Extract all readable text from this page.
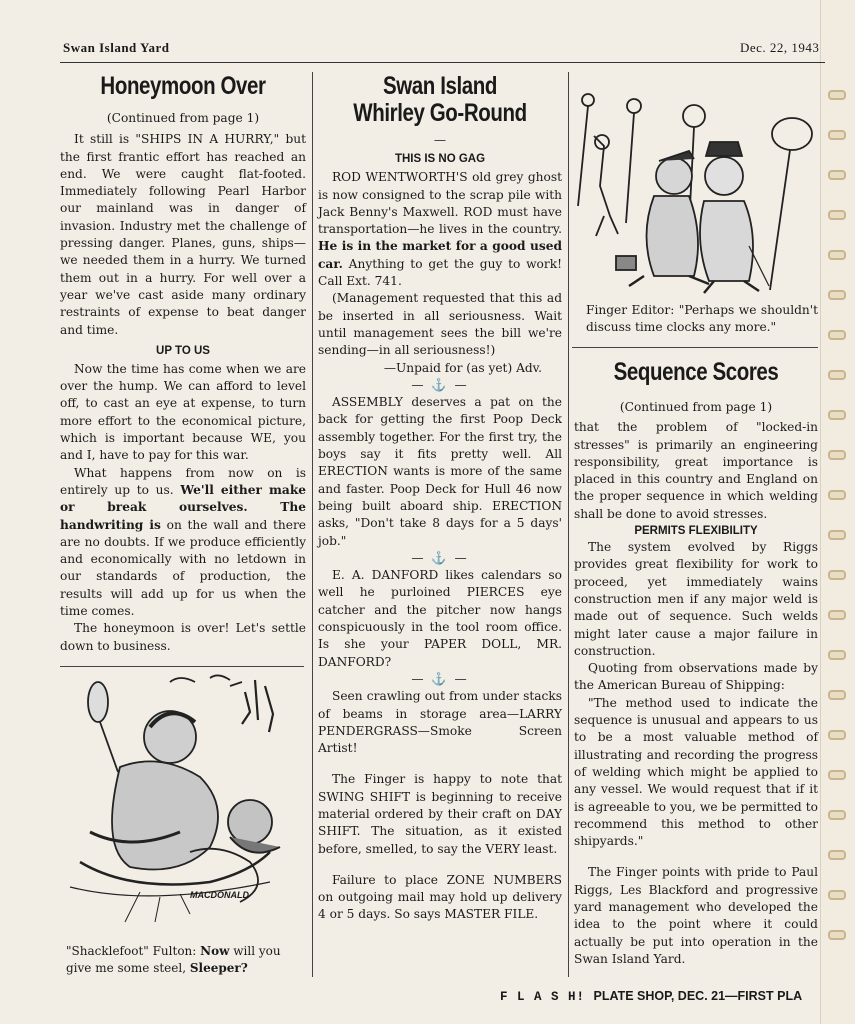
Swan Island Yard	Dec. 22, 1943
Honeymoon Over

(Continued from page 1)

It still is "SHIPS IN A HURRY," but the first frantic effort has reached an end. We were caught flat-footed. Immediately following Pearl Harbor our mainland was in danger of invasion. Industry met the challenge of pressing danger. Planes, guns, ships—we needed them in a hurry. We turned them out in a hurry. For well over a year we've cast aside many ordinary restraints of expense to beat danger and time.

UP TO US

Now the time has come when we are over the hump. We can afford to level off, to cast an eye at expense, to turn more effort to the economical picture, which is important because WE, you and I, have to pay for this war.

What happens from now on is entirely up to us. We'll either make or break ourselves. The handwriting is on the wall and there are no doubts. If we produce efficiently and economically with no letdown in our standards of production, the results will add up for us when the time comes.

The honeymoon is over! Let's settle down to business.

MACDONALD
"Shacklefoot" Fulton: Now will you give me some steel, Sleeper?
Swan Island
Whirley Go-Round

—

THIS IS NO GAG

ROD WENTWORTH'S old grey ghost is now consigned to the scrap pile with Jack Benny's Maxwell. ROD must have transportation—he lives in the country. He is in the market for a good used car. Anything to get the guy to work! Call Ext. 741.

(Management requested that this ad be inserted in all seriousness. Wait until management sees the bill we're sending—in all seriousness!)

—Unpaid for (as yet) Adv.

— ⚓ —

ASSEMBLY deserves a pat on the back for getting the first Poop Deck assembly together. For the first try, the boys say it fits pretty well. All ERECTION wants is more of the same and faster. Poop Deck for Hull 46 now being built aboard ship. ERECTION asks, "Don't take 8 days for a 5 days' job."

— ⚓ —

E. A. DANFORD likes calendars so well he purloined PIERCES eye catcher and the pitcher now hangs conspicuously in the tool room office. Is she your PAPER DOLL, MR. DANFORD?

— ⚓ —

Seen crawling out from under stacks of beams in storage area—LARRY PENDERGRASS—Smoke Screen Artist!

The Finger is happy to note that SWING SHIFT is beginning to receive material ordered by their craft on DAY SHIFT. The situation, as it existed before, smelled, to say the VERY least.

Failure to place ZONE NUMBERS on outgoing mail may hold up delivery 4 or 5 days. So says MASTER FILE.

Finger Editor: "Perhaps we shouldn't discuss time clocks any more."

Sequence Scores

(Continued from page 1)

that the problem of "locked-in stresses" is primarily an engineering responsibility, great importance is placed in this country and England on the proper sequence in which welding shall be done to avoid stresses.

PERMITS FLEXIBILITY

The system evolved by Riggs provides great flexibility for work to proceed, yet immediately wains construction men if any major weld is made out of sequence. Such welds might later cause a major failure in construction.

Quoting from observations made by the American Bureau of Shipping:

"The method used to indicate the sequence is unusual and appears to us to be a most valuable method of illustrating and recording the progress of welding which might be applied to any vessel. We would request that if it is agreeable to you, we be permitted to recommend this method to other shipyards."

The Finger points with pride to Paul Riggs, Les Blackford and progressive yard management who developed the idea to the point where it could actually be put into operation in the Swan Island Yard.

F L A S H! PLATE SHOP, DEC. 21—FIRST PLA
